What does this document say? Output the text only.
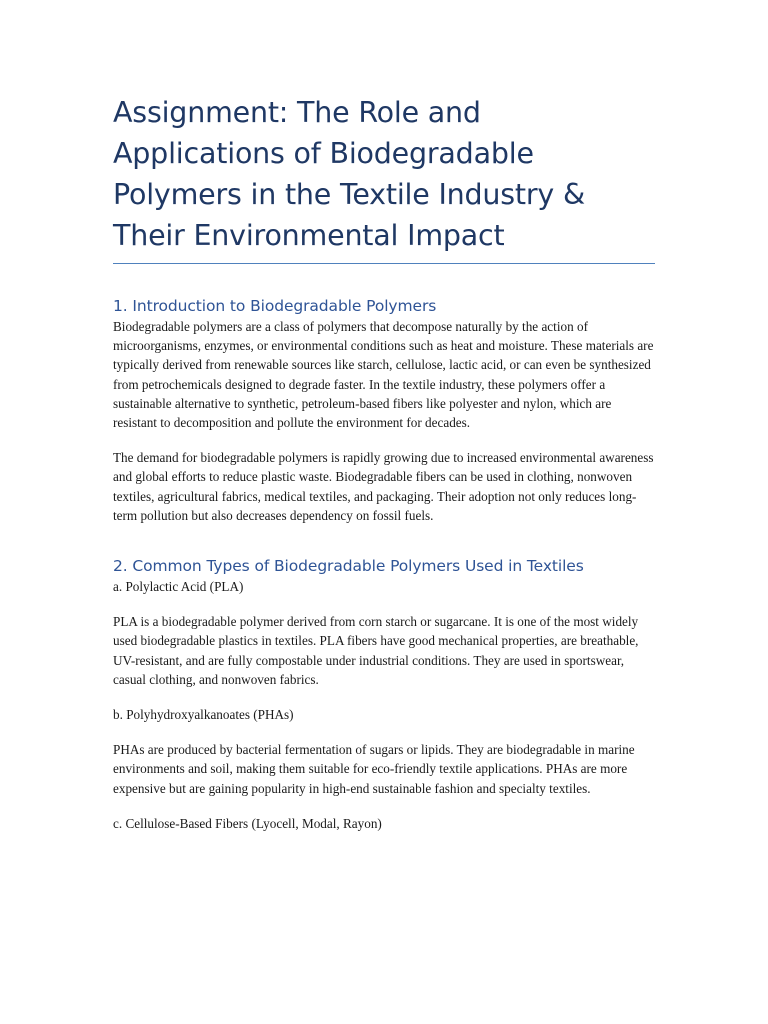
Assignment: The Role and Applications of Biodegradable Polymers in the Textile Industry & Their Environmental Impact
1. Introduction to Biodegradable Polymers

Biodegradable polymers are a class of polymers that decompose naturally by the action of microorganisms, enzymes, or environmental conditions such as heat and moisture. These materials are typically derived from renewable sources like starch, cellulose, lactic acid, or can even be synthesized from petrochemicals designed to degrade faster. In the textile industry, these polymers offer a sustainable alternative to synthetic, petroleum-based fibers like polyester and nylon, which are resistant to decomposition and pollute the environment for decades.

The demand for biodegradable polymers is rapidly growing due to increased environmental awareness and global efforts to reduce plastic waste. Biodegradable fibers can be used in clothing, nonwoven textiles, agricultural fabrics, medical textiles, and packaging. Their adoption not only reduces long-term pollution but also decreases dependency on fossil fuels.

2. Common Types of Biodegradable Polymers Used in Textiles

a. Polylactic Acid (PLA)

PLA is a biodegradable polymer derived from corn starch or sugarcane. It is one of the most widely used biodegradable plastics in textiles. PLA fibers have good mechanical properties, are breathable, UV-resistant, and are fully compostable under industrial conditions. They are used in sportswear, casual clothing, and nonwoven fabrics.

b. Polyhydroxyalkanoates (PHAs)

PHAs are produced by bacterial fermentation of sugars or lipids. They are biodegradable in marine environments and soil, making them suitable for eco-friendly textile applications. PHAs are more expensive but are gaining popularity in high-end sustainable fashion and specialty textiles.

c. Cellulose-Based Fibers (Lyocell, Modal, Rayon)
